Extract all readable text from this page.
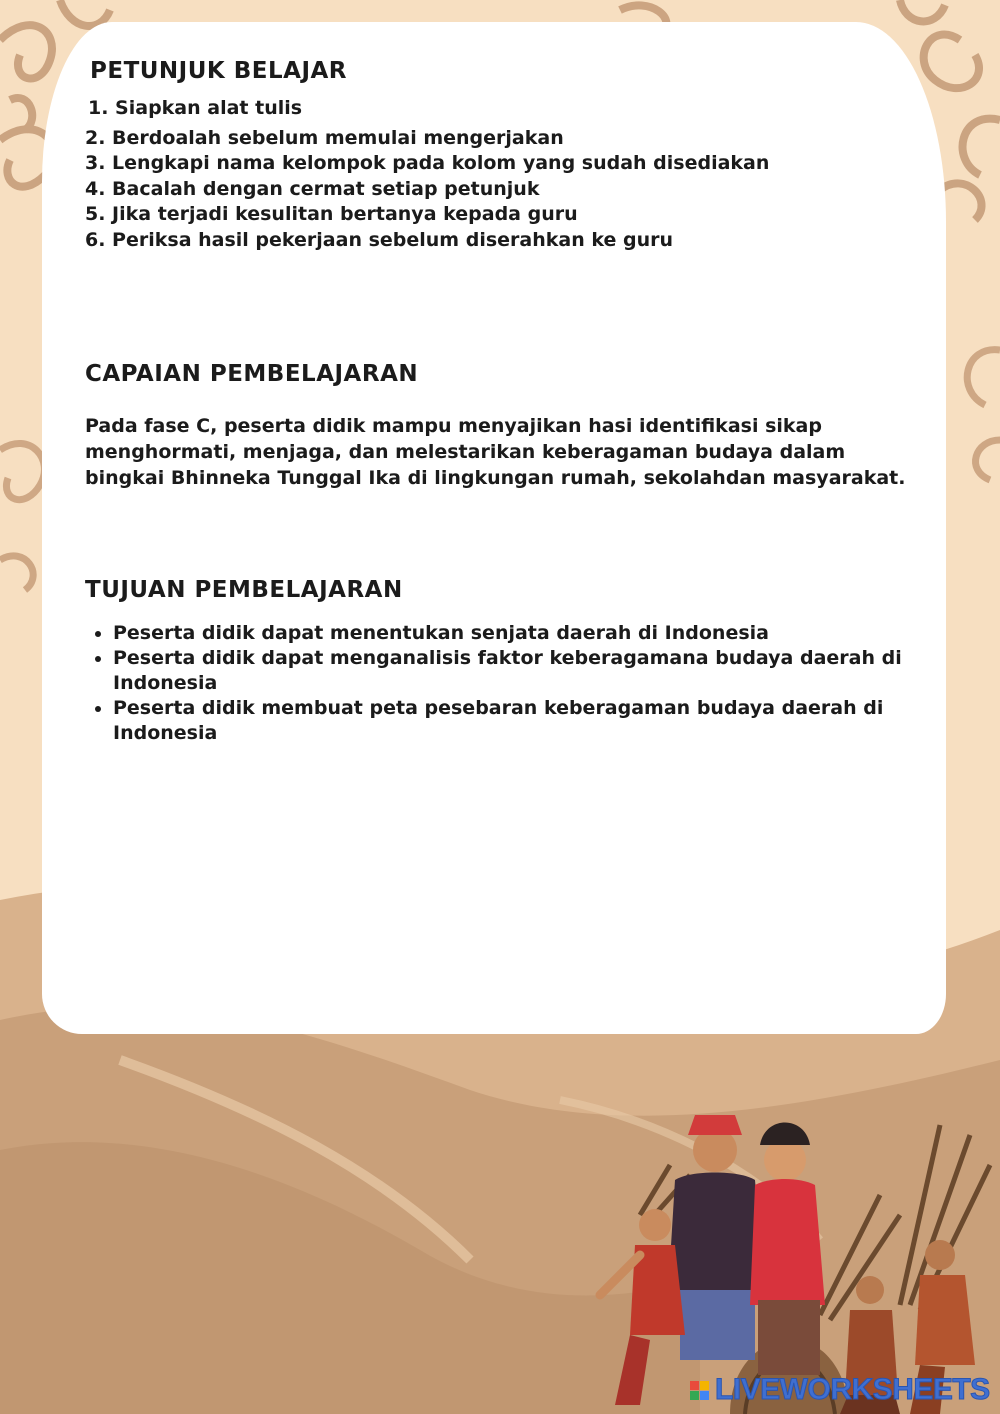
PETUNJUK BELAJAR
1. Siapkan alat tulis
2. Berdoalah sebelum memulai mengerjakan
3. Lengkapi nama kelompok pada kolom yang sudah disediakan
4. Bacalah dengan cermat setiap petunjuk
5. Jika terjadi kesulitan bertanya kepada guru
6. Periksa hasil pekerjaan sebelum diserahkan ke guru
CAPAIAN PEMBELAJARAN

Pada fase C, peserta didik mampu menyajikan hasi identifikasi sikap menghormati, menjaga, dan melestarikan keberagaman budaya dalam bingkai Bhinneka Tunggal Ika di lingkungan rumah, sekolahdan masyarakat.

TUJUAN PEMBELAJARAN
• Peserta didik dapat menentukan senjata daerah di Indonesia
• Peserta didik dapat menganalisis faktor keberagamana budaya daerah di Indonesia
• Peserta didik membuat peta pesebaran keberagaman budaya daerah di Indonesia
LIVEWORKSHEETS
